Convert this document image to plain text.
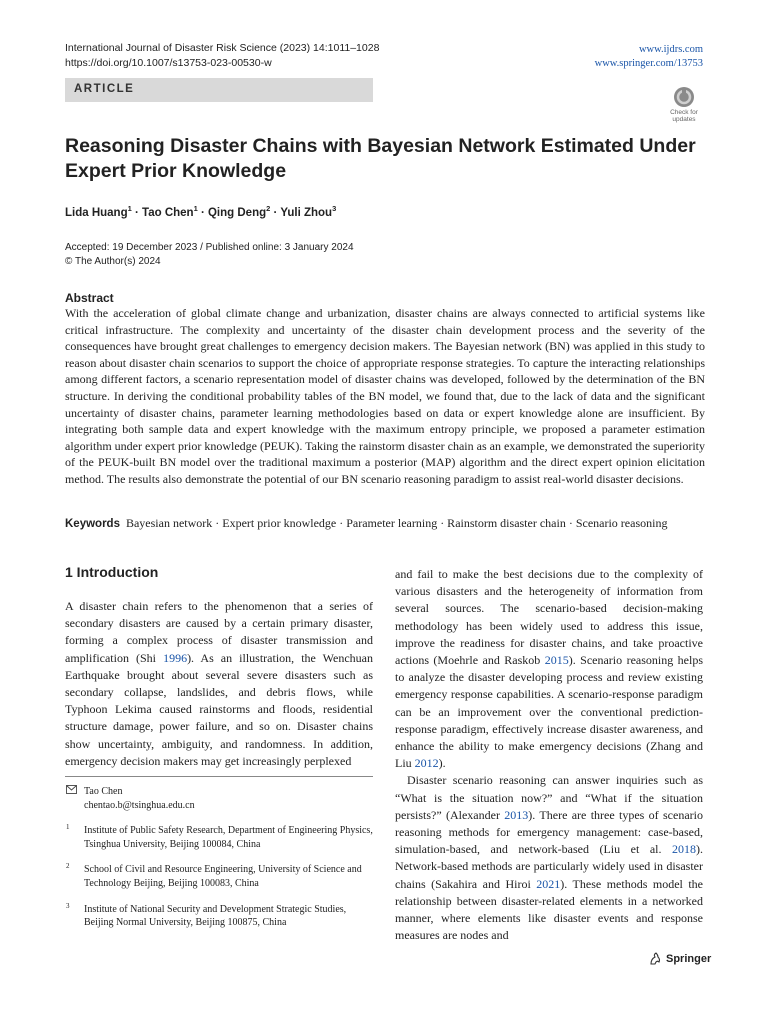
International Journal of Disaster Risk Science (2023) 14:1011–1028
https://doi.org/10.1007/s13753-023-00530-w
www.ijdrs.com
www.springer.com/13753
ARTICLE
Check for
updates
Reasoning Disaster Chains with Bayesian Network Estimated Under Expert Prior Knowledge
Lida Huang$^1$ · Tao Chen$^1$ · Qing Deng$^2$ · Yuli Zhou$^3$
Accepted: 19 December 2023 / Published online: 3 January 2024
© The Author(s) 2024
Abstract
With the acceleration of global climate change and urbanization, disaster chains are always connected to artificial systems like critical infrastructure. The complexity and uncertainty of the disaster chain development process and the severity of the consequences have brought great challenges to emergency decision makers. The Bayesian network (BN) was applied in this study to reason about disaster chain scenarios to support the choice of appropriate response strategies. To capture the interacting relationships among different factors, a scenario representation model of disaster chains was developed, followed by the determination of the BN structure. In deriving the conditional probability tables of the BN model, we found that, due to the lack of data and the significant uncertainty of disaster chains, parameter learning methodologies based on data or expert knowledge alone are insufficient. By integrating both sample data and expert knowledge with the maximum entropy principle, we proposed a parameter estimation algorithm under expert prior knowledge (PEUK). Taking the rainstorm disaster chain as an example, we demonstrated the superiority of the PEUK-built BN model over the traditional maximum a posterior (MAP) algorithm and the direct expert opinion elicitation method. The results also demonstrate the potential of our BN scenario reasoning paradigm to assist real-world disaster decisions.
Keywords Bayesian network · Expert prior knowledge · Parameter learning · Rainstorm disaster chain · Scenario reasoning
1 Introduction

A disaster chain refers to the phenomenon that a series of secondary disasters are caused by a certain primary disaster, forming a complex process of disaster transmission and amplification (Shi 1996). As an illustration, the Wenchuan Earthquake brought about several severe disasters such as secondary collapse, landslides, and debris flows, while Typhoon Lekima caused rainstorms and floods, residential structure damage, power failure, and so on. Disaster chains show uncertainty, ambiguity, and randomness. In addition, emergency decision makers may get increasingly perplexed

Tao Chen
chentao.b@tsinghua.edu.cn
1 Institute of Public Safety Research, Department of Engineering Physics, Tsinghua University, Beijing 100084, China
2 School of Civil and Resource Engineering, University of Science and Technology Beijing, Beijing 100083, China
3 Institute of National Security and Development Strategic Studies, Beijing Normal University, Beijing 100875, China

and fail to make the best decisions due to the complexity of various disasters and the heterogeneity of information from several sources. The scenario-based decision-making methodology has been widely used to address this issue, improve the readiness for disaster chains, and take proactive actions (Moehrle and Raskob 2015). Scenario reasoning helps to analyze the disaster developing process and review existing emergency response capabilities. A scenario-response paradigm can be an improvement over the conventional prediction-response paradigm, effectively increase disaster awareness, and enhance the ability to make emergency decisions (Zhang and Liu 2012).

Disaster scenario reasoning can answer inquiries such as “What is the situation now?” and “What if the situation persists?” (Alexander 2013). There are three types of scenario reasoning methods for emergency management: case-based, simulation-based, and network-based (Liu et al. 2018). Network-based methods are particularly widely used in disaster chains (Sakahira and Hiroi 2021). These methods model the relationship between disaster-related elements in a networked manner, where elements like disaster events and response measures are nodes and

Springer
